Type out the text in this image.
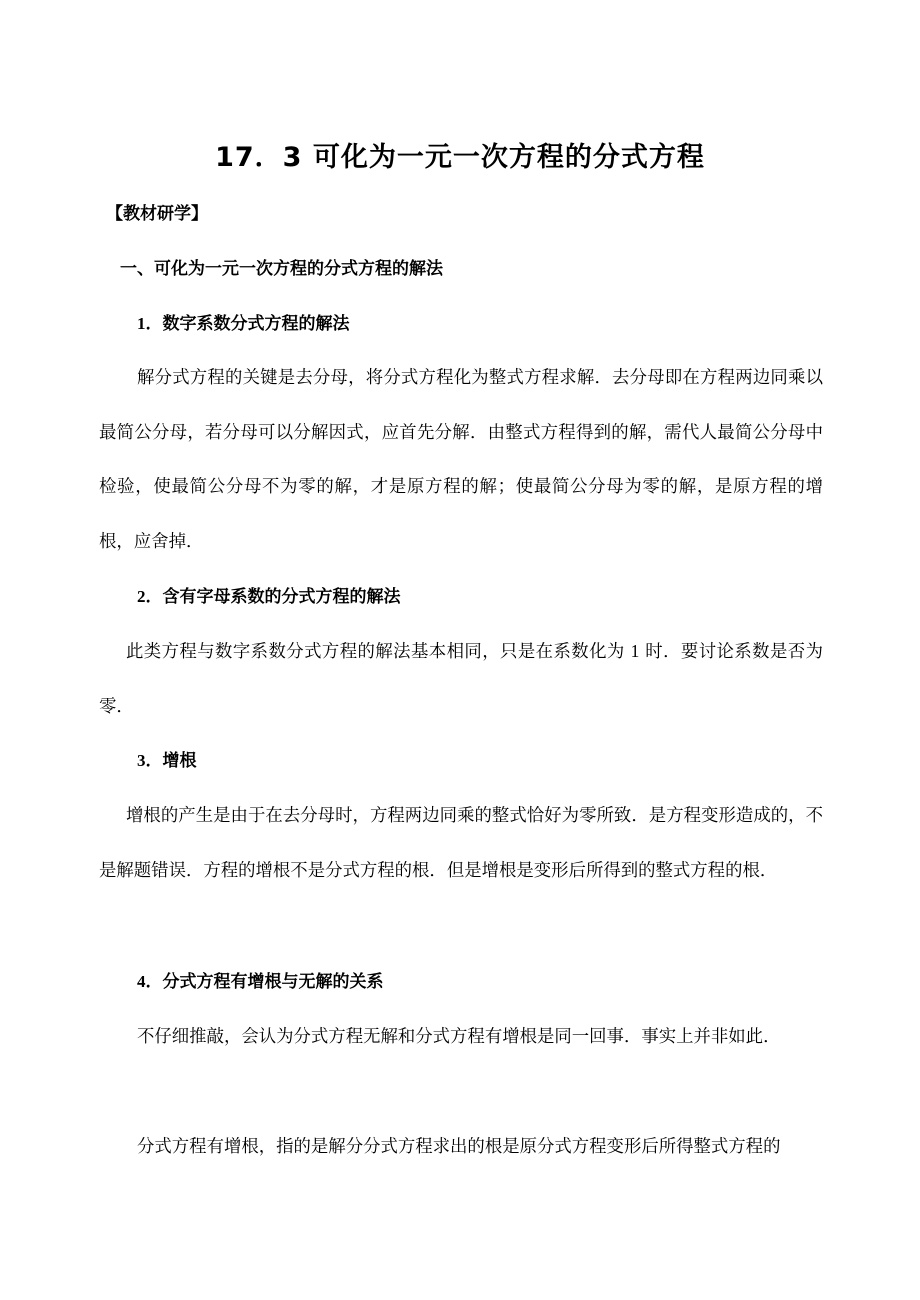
17．3 可化为一元一次方程的分式方程
【教材研学】
一、可化为一元一次方程的分式方程的解法
1．数字系数分式方程的解法
解分式方程的关键是去分母，将分式方程化为整式方程求解．去分母即在方程两边同乘以最简公分母，若分母可以分解因式，应首先分解．由整式方程得到的解，需代人最简公分母中检验，使最简公分母不为零的解，才是原方程的解；使最简公分母为零的解，是原方程的增根，应舍掉．
2．含有字母系数的分式方程的解法
此类方程与数字系数分式方程的解法基本相同，只是在系数化为 1 时．要讨论系数是否为零．
3．增根
增根的产生是由于在去分母时，方程两边同乘的整式恰好为零所致．是方程变形造成的，不是解题错误．方程的增根不是分式方程的根．但是增根是变形后所得到的整式方程的根．
4．分式方程有增根与无解的关系
不仔细推敲，会认为分式方程无解和分式方程有增根是同一回事．事实上并非如此．
分式方程有增根，指的是解分分式方程求出的根是原分式方程变形后所得整式方程的
